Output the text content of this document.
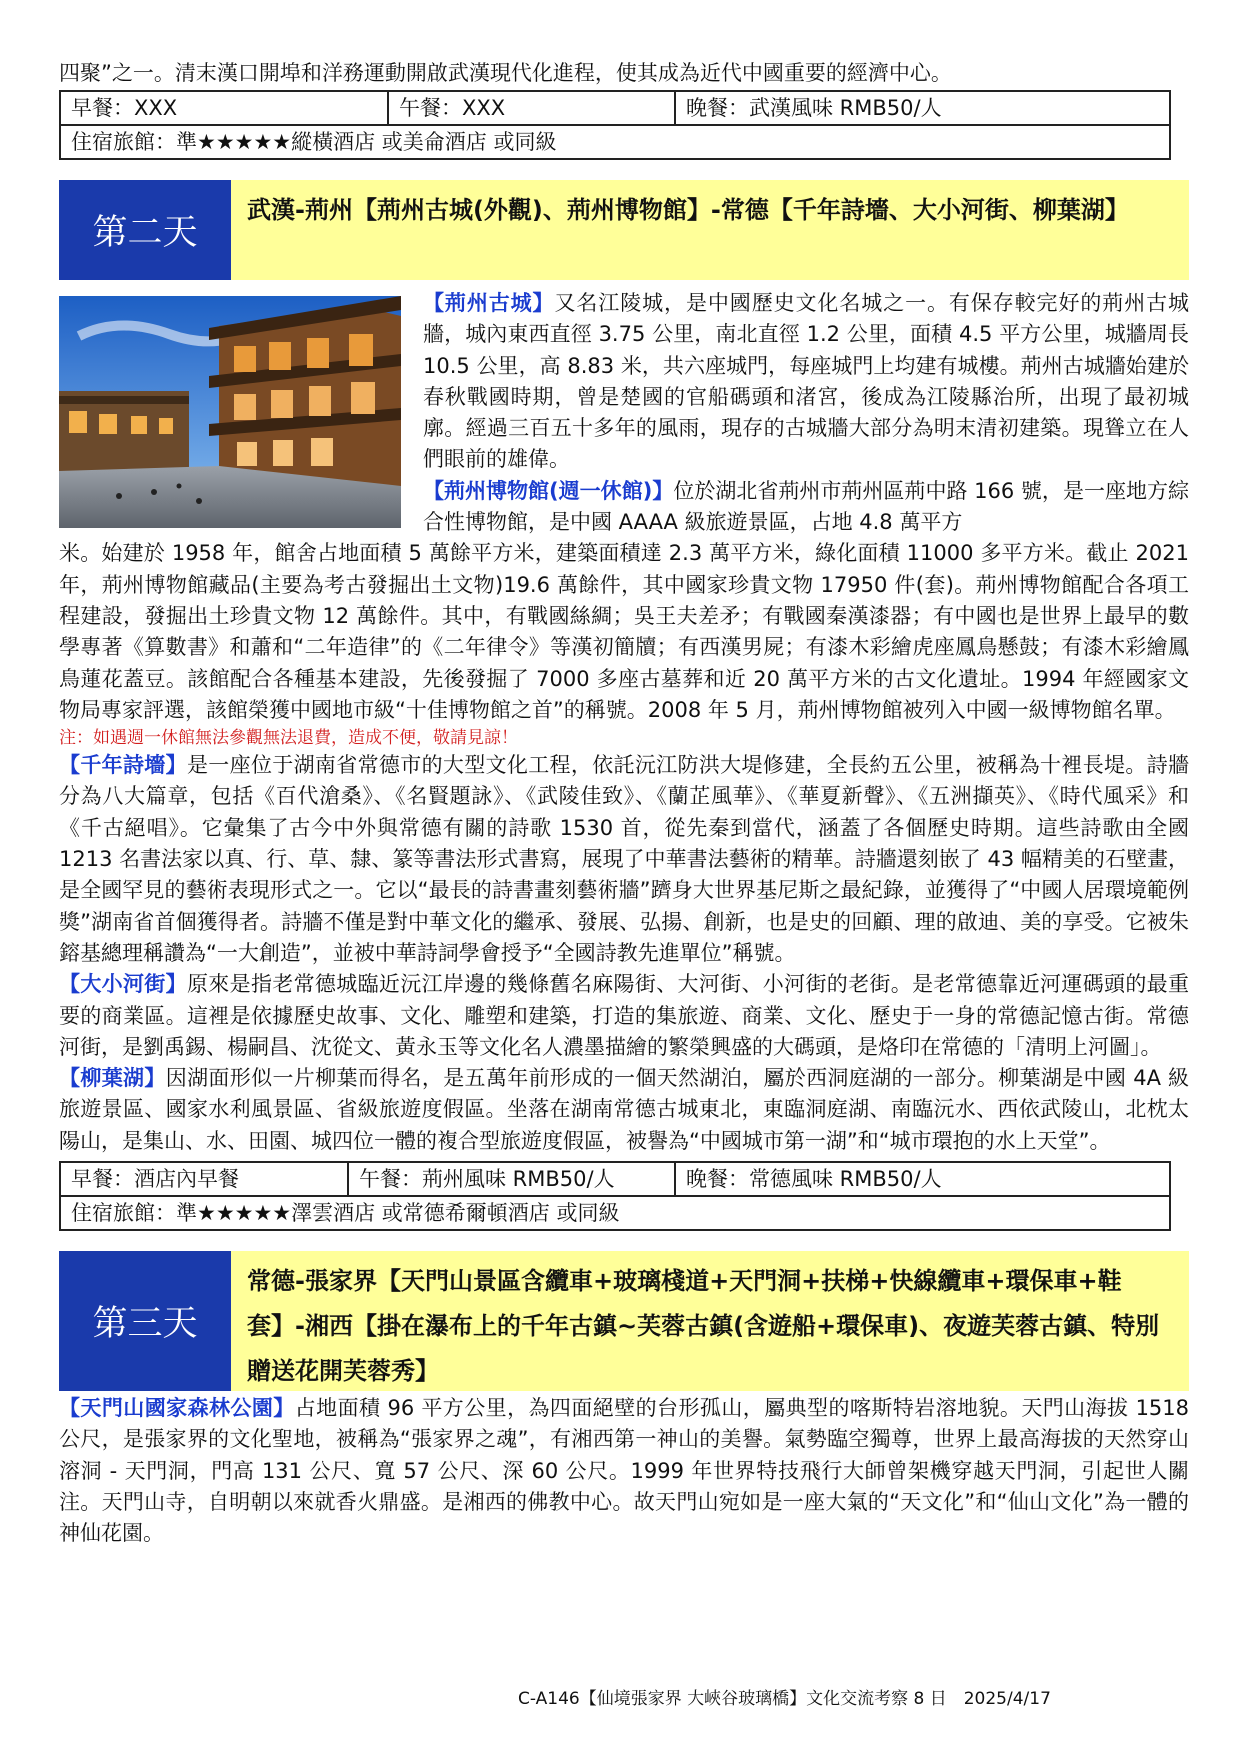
四聚”之一。清末漢口開埠和洋務運動開啟武漢現代化進程，使其成為近代中國重要的經濟中心。
早餐：XXX	午餐：XXX	晚餐：武漢風味 RMB50/人
住宿旅館：準★★★★★縱橫酒店 或美侖酒店 或同級
第二天
武漢-荊州【荊州古城(外觀)、荊州博物館】-常德【千年詩墻、大小河街、柳葉湖】

【荊州古城】又名江陵城，是中國歷史文化名城之一。有保存較完好的荊州古城牆，城內東西直徑 3.75 公里，南北直徑 1.2 公里，面積 4.5 平方公里，城牆周長 10.5 公里，高 8.83 米，共六座城門，每座城門上均建有城樓。荊州古城牆始建於春秋戰國時期，曾是楚國的官船碼頭和渚宮，後成為江陵縣治所，出現了最初城廓。經過三百五十多年的風雨，現存的古城牆大部分為明末清初建築。現聳立在人們眼前的雄偉。

【荊州博物館(週一休館)】位於湖北省荊州市荊州區荊中路 166 號，是一座地方綜合性博物館，是中國 AAAA 級旅遊景區，占地 4.8 萬平方

米。始建於 1958 年，館舍占地面積 5 萬餘平方米，建築面積達 2.3 萬平方米，綠化面積 11000 多平方米。截止 2021 年，荊州博物館藏品(主要為考古發掘出土文物)19.6 萬餘件，其中國家珍貴文物 17950 件(套)。荊州博物館配合各項工程建設，發掘出土珍貴文物 12 萬餘件。其中，有戰國絲綢；吳王夫差矛；有戰國秦漢漆器；有中國也是世界上最早的數學專著《算數書》和蕭和“二年造律”的《二年律令》等漢初簡牘；有西漢男屍；有漆木彩繪虎座鳳鳥懸鼓；有漆木彩繪鳳鳥蓮花蓋豆。該館配合各種基本建設，先後發掘了 7000 多座古墓葬和近 20 萬平方米的古文化遺址。1994 年經國家文物局專家評選，該館榮獲中國地市級“十佳博物館之首”的稱號。2008 年 5 月，荊州博物館被列入中國一級博物館名單。

注：如遇週一休館無法參觀無法退費，造成不便，敬請見諒！

【千年詩墻】是一座位于湖南省常德市的大型文化工程，依託沅江防洪大堤修建，全長約五公里，被稱為十裡長堤。詩牆分為八大篇章，包括《百代滄桑》、《名賢題詠》、《武陵佳致》、《蘭芷風華》、《華夏新聲》、《五洲擷英》、《時代風采》和《千古絕唱》。它彙集了古今中外與常德有關的詩歌 1530 首，從先秦到當代，涵蓋了各個歷史時期。這些詩歌由全國 1213 名書法家以真、行、草、隸、篆等書法形式書寫，展現了中華書法藝術的精華。詩牆還刻嵌了 43 幅精美的石壁畫，是全國罕見的藝術表現形式之一。它以“最長的詩書畫刻藝術牆”躋身大世界基尼斯之最紀錄，並獲得了“中國人居環境範例獎”湖南省首個獲得者。詩牆不僅是對中華文化的繼承、發展、弘揚、創新，也是史的回顧、理的啟迪、美的享受。它被朱鎔基總理稱讚為“一大創造”，並被中華詩詞學會授予“全國詩教先進單位”稱號。

【大小河街】原來是指老常德城臨近沅江岸邊的幾條舊名麻陽街、大河街、小河街的老街。是老常德靠近河運碼頭的最重要的商業區。這裡是依據歷史故事、文化、雕塑和建築，打造的集旅遊、商業、文化、歷史于一身的常德記憶古街。常德河街，是劉禹錫、楊嗣昌、沈從文、黃永玉等文化名人濃墨描繪的繁榮興盛的大碼頭，是烙印在常德的「清明上河圖」。

【柳葉湖】因湖面形似一片柳葉而得名，是五萬年前形成的一個天然湖泊，屬於西洞庭湖的一部分。柳葉湖是中國 4A 級旅遊景區、國家水利風景區、省級旅遊度假區。坐落在湖南常德古城東北，東臨洞庭湖、南臨沅水、西依武陵山，北枕太陽山，是集山、水、田園、城四位一體的複合型旅遊度假區，被譽為“中國城市第一湖”和“城市環抱的水上天堂”。

早餐：酒店內早餐	午餐：荊州風味 RMB50/人	晚餐：常德風味 RMB50/人
住宿旅館：準★★★★★澤雲酒店 或常德希爾頓酒店 或同級
第三天
常德-張家界【天門山景區含纜車+玻璃棧道+天門洞+扶梯+快線纜車+環保車+鞋套】-湘西【掛在瀑布上的千年古鎮~芙蓉古鎮(含遊船+環保車)、夜遊芙蓉古鎮、特別贈送花開芙蓉秀】

【天門山國家森林公園】占地面積 96 平方公里，為四面絕壁的台形孤山，屬典型的喀斯特岩溶地貌。天門山海拔 1518 公尺，是張家界的文化聖地，被稱為“張家界之魂”，有湘西第一神山的美譽。氣勢臨空獨尊，世界上最高海拔的天然穿山溶洞 - 天門洞，門高 131 公尺、寬 57 公尺、深 60 公尺。1999 年世界特技飛行大師曾架機穿越天門洞，引起世人關注。天門山寺，自明朝以來就香火鼎盛。是湘西的佛教中心。故天門山宛如是一座大氣的“天文化”和“仙山文化”為一體的神仙花園。

C-A146【仙境張家界 大峽谷玻璃橋】文化交流考察 8 日　2025/4/17
